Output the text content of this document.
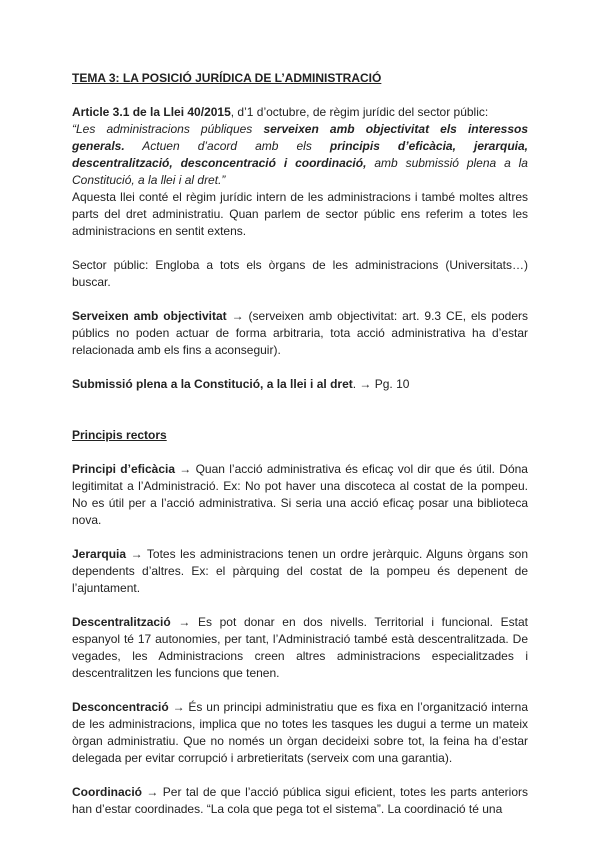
TEMA 3: LA POSICIÓ JURÍDICA DE L’ADMINISTRACIÓ

Article 3.1 de la Llei 40/2015, d’1 d’octubre, de règim jurídic del sector públic:

“Les administracions públiques serveixen amb objectivitat els interessos generals. Actuen d’acord amb els principis d’eficàcia, jerarquia, descentralització, desconcentració i coordinació, amb submissió plena a la Constitució, a la llei i al dret.”

Aquesta llei conté el règim jurídic intern de les administracions i també moltes altres parts del dret administratiu. Quan parlem de sector públic ens referim a totes les administracions en sentit extens.

Sector públic: Engloba a tots els òrgans de les administracions (Universitats…) buscar.

Serveixen amb objectivitat → (serveixen amb objectivitat: art. 9.3 CE, els poders públics no poden actuar de forma arbitraria, tota acció administrativa ha d’estar relacionada amb els fins a aconseguir).

Submissió plena a la Constitució, a la llei i al dret. → Pg. 10

Principis rectors

Principi d’eficàcia → Quan l’acció administrativa és eficaç vol dir que és útil. Dóna legitimitat a l’Administració. Ex: No pot haver una discoteca al costat de la pompeu. No es útil per a l’acció administrativa. Si seria una acció eficaç posar una biblioteca nova.

Jerarquia → Totes les administracions tenen un ordre jeràrquic. Alguns òrgans son dependents d’altres. Ex: el pàrquing del costat de la pompeu és depenent de l’ajuntament.

Descentralització → Es pot donar en dos nivells. Territorial i funcional. Estat espanyol té 17 autonomies, per tant, l’Administració també està descentralitzada. De vegades, les Administracions creen altres administracions especialitzades i descentralitzen les funcions que tenen.

Desconcentració → És un principi administratiu que es fixa en l’organització interna de les administracions, implica que no totes les tasques les dugui a terme un mateix òrgan administratiu. Que no només un òrgan decideixi sobre tot, la feina ha d’estar delegada per evitar corrupció i arbretieritats (serveix com una garantia).

Coordinació → Per tal de que l’acció pública sigui eficient, totes les parts anteriors han d’estar coordinades. “La cola que pega tot el sistema”. La coordinació té una
